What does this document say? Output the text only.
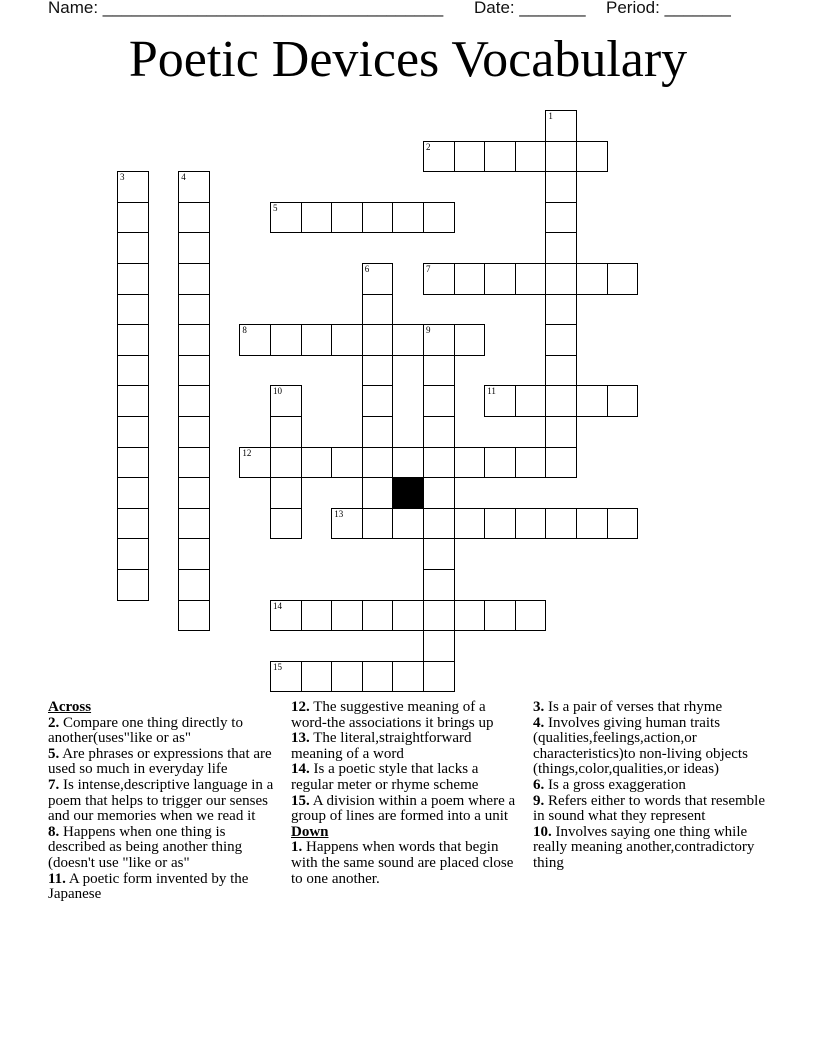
Name: ____________________________________ Date: _______ Period: _______
Poetic Devices Vocabulary
1
2
3	4
5
6	7
8	9
10	11
12
13
14
15
Across
2. Compare one thing directly to another(uses"like or as"
5. Are phrases or expressions that are used so much in everyday life
7. Is intense,descriptive language in a poem that helps to trigger our senses and our memories when we read it
8. Happens when one thing is described as being another thing (doesn't use "like or as"
11. A poetic form invented by the Japanese
12. The suggestive meaning of a word-the associations it brings up
13. The literal,straightforward meaning of a word
14. Is a poetic style that lacks a regular meter or rhyme scheme
15. A division within a poem where a group of lines are formed into a unit
Down
1. Happens when words that begin with the same sound are placed close to one another.
3. Is a pair of verses that rhyme
4. Involves giving human traits (qualities,feelings,action,or characteristics)to non-living objects (things,color,qualities,or ideas)
6. Is a gross exaggeration
9. Refers either to words that resemble in sound what they represent
10. Involves saying one thing while really meaning another,contradictory thing
